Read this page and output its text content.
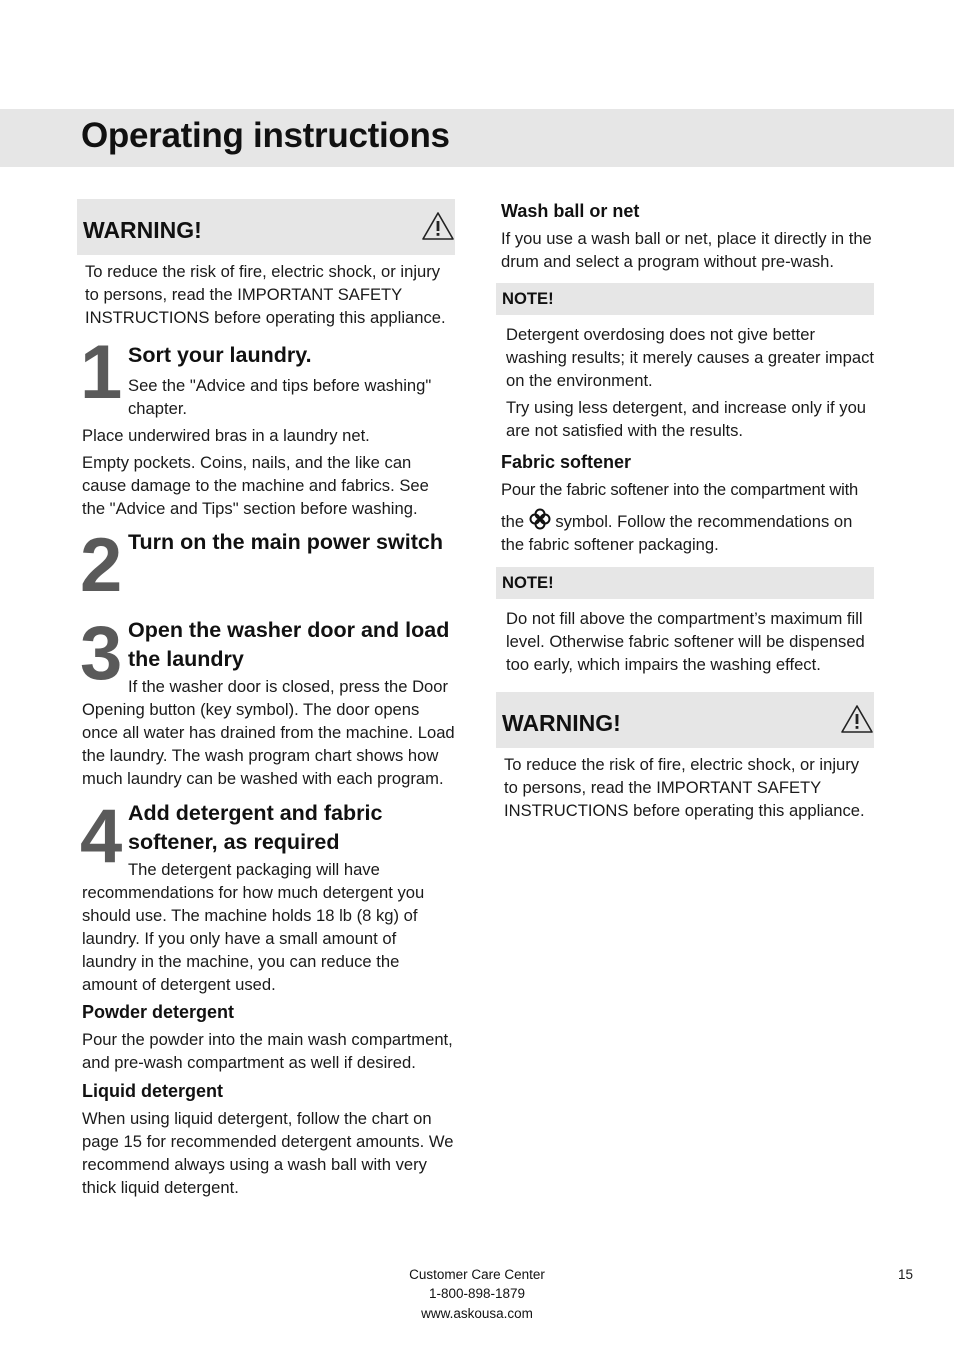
Operating instructions
WARNING!
To reduce the risk of fire, electric shock, or injury to persons, read the IMPORTANT SAFETY INSTRUCTIONS before operating this appliance.
1 Sort your laundry.

See the "Advice and tips before washing" chapter.

Place underwired bras in a laundry net.

Empty pockets. Coins, nails, and the like can cause damage to the machine and fabrics. See the "Advice and Tips" section before washing.

2 Turn on the main power switch
3 Open the washer door and load the laundry

If the washer door is closed, press the Door Opening button (key symbol). The door opens once all water has drained from the machine. Load the laundry. The wash program chart shows how much laundry can be washed with each program.

4 Add detergent and fabric softener, as required

The detergent packaging will have recommendations for how much detergent you should use. The machine holds 18 lb (8 kg) of laundry. If you only have a small amount of laundry in the machine, you can reduce the amount of detergent used.

Powder detergent

Pour the powder into the main wash compartment, and pre-wash compartment as well if desired.

Liquid detergent

When using liquid detergent, follow the chart on page 15 for recommended detergent amounts. We recommend always using a wash ball with very thick liquid detergent.

Wash ball or net

If you use a wash ball or net, place it directly in the drum and select a program without pre-wash.

NOTE!

Detergent overdosing does not give better washing results; it merely causes a greater impact on the environment.

Try using less detergent, and increase only if you are not satisfied with the results.

Fabric softener

Pour the fabric softener into the compartment with

the symbol. Follow the recommendations on the fabric softener packaging.

NOTE!

Do not fill above the compartment’s maximum fill level. Otherwise fabric softener will be dispensed too early, which impairs the washing effect.

WARNING!
To reduce the risk of fire, electric shock, or injury to persons, read the IMPORTANT SAFETY INSTRUCTIONS before operating this appliance.
Customer Care Center
1-800-898-1879
www.askousa.com
15
